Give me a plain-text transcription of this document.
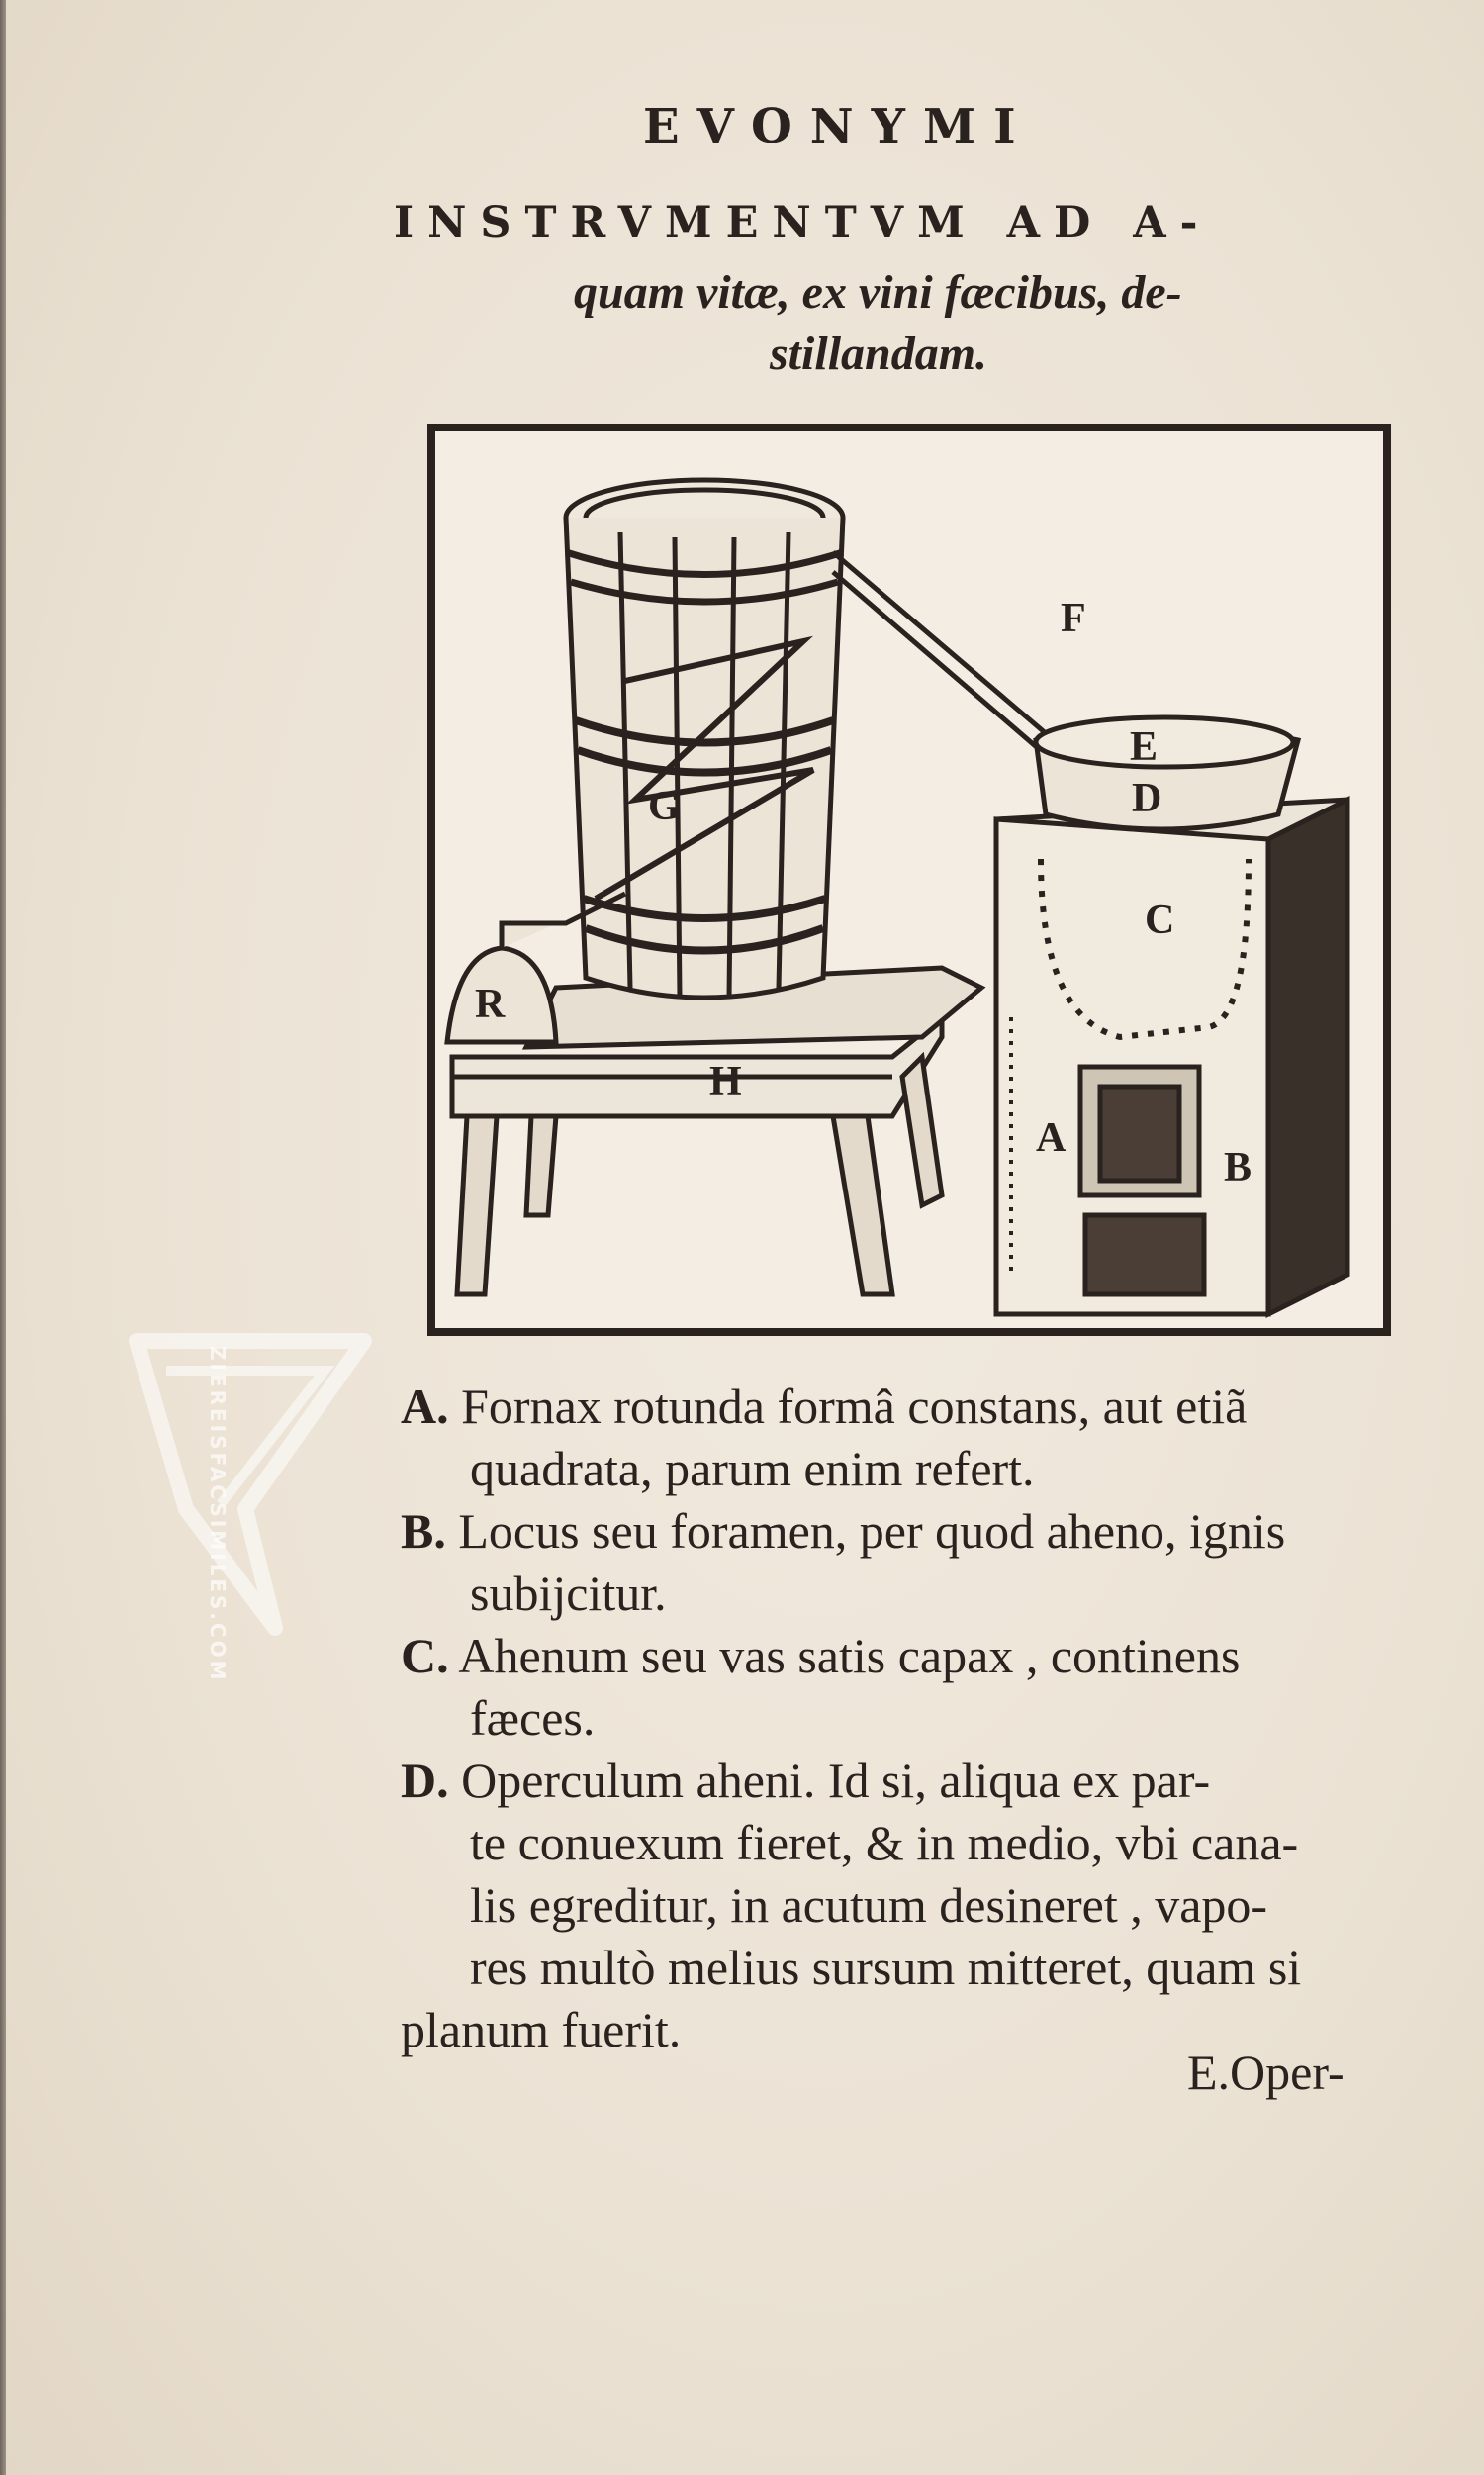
EVONYMI
INSTRVMENTVM AD A-
quam vitæ, ex vini fæcibus, de-
stillandam.
F
E
D
C
G
R
H
A
B
A. Fornax rotunda formâ constans, aut etiã
quadrata, parum enim refert.
B. Locus seu foramen, per quod aheno, ignis
subijcitur.
C. Ahenum seu vas satis capax , continens
fæces.
D. Operculum aheni. Id si, aliqua ex par-
te conuexum fieret, & in medio, vbi cana-
lis egreditur, in acutum desineret , vapo-
res multò melius sursum mitteret, quam si
planum fuerit.
E.Oper-
ZIEREISFACSIMILES.COM
